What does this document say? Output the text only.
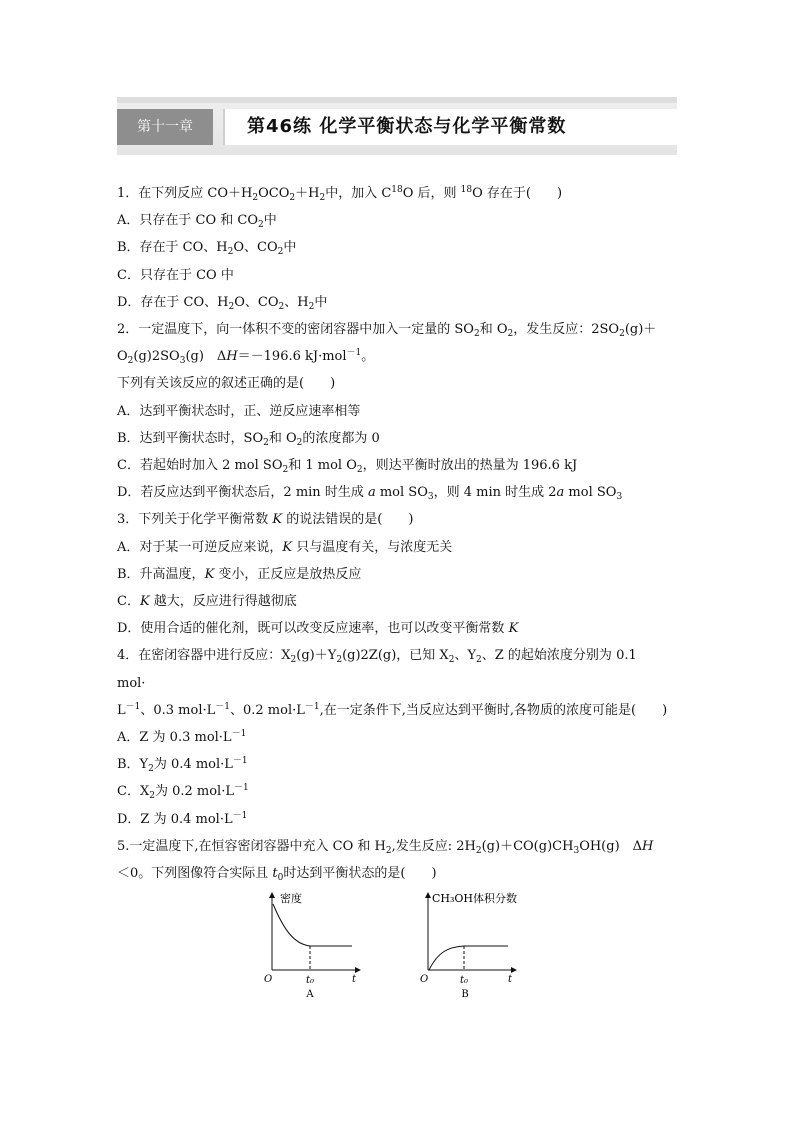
第十一章	第46练 化学平衡状态与化学平衡常数
1．在下列反应 $CO+H_2OCO_2+H_2$中，加入 $C^{18}O$ 后，则 $^{18}$O 存在于(　　)
A．只存在于 CO 和 $CO_2$中
B．存在于 CO、$H_2O$、$CO_2$中
C．只存在于 CO 中
D．存在于 CO、$H_2O$、$CO_2$、$H_2$中
2．一定温度下，向一体积不变的密闭容器中加入一定量的 $SO_2$和 $O_2$，发生反应：$2SO_2(g)+$
$O_2(g)2SO_3(g)$　ΔH＝－196.6 kJ·mol$^{-1}$。
下列有关该反应的叙述正确的是(　　)
A．达到平衡状态时，正、逆反应速率相等
B．达到平衡状态时，$SO_2$和 $O_2$的浓度都为 0
C．若起始时加入 2 mol $SO_2$和 1 mol $O_2$，则达平衡时放出的热量为 196.6 kJ
D．若反应达到平衡状态后，2 min 时生成 a mol $SO_3$，则 4 min 时生成 2a mol $SO_3$
3．下列关于化学平衡常数 K 的说法错误的是(　　)
A．对于某一可逆反应来说，K 只与温度有关，与浓度无关
B．升高温度，K 变小，正反应是放热反应
C．K 越大，反应进行得越彻底
D．使用合适的催化剂，既可以改变反应速率，也可以改变平衡常数 K
4．在密闭容器中进行反应：$X_2(g)+Y_2(g)2Z(g)$，已知 $X_2$、$Y_2$、Z 的起始浓度分别为 0.1
mol·
$L^{-1}$、0.3 $mol\cdot L^{-1}$、0.2 $mol\cdot L^{-1}$,在一定条件下,当反应达到平衡时,各物质的浓度可能是(　　)
A．Z 为 0.3 $mol\cdot L^{-1}$
B．$Y_2$为 0.4 $mol\cdot L^{-1}$
C．$X_2$为 0.2 $mol\cdot L^{-1}$
D．Z 为 0.4 $mol\cdot L^{-1}$
5.一定温度下,在恒容密闭容器中充入 CO 和 $H_2$,发生反应: $2H_2(g)+CO(g)CH_3OH(g)$　ΔH
＜0。下列图像符合实际且 $t_0$时达到平衡状态的是(　　)
密度
O	t₀	t
A
CH₃OH体积分数
O	t₀	t
B
